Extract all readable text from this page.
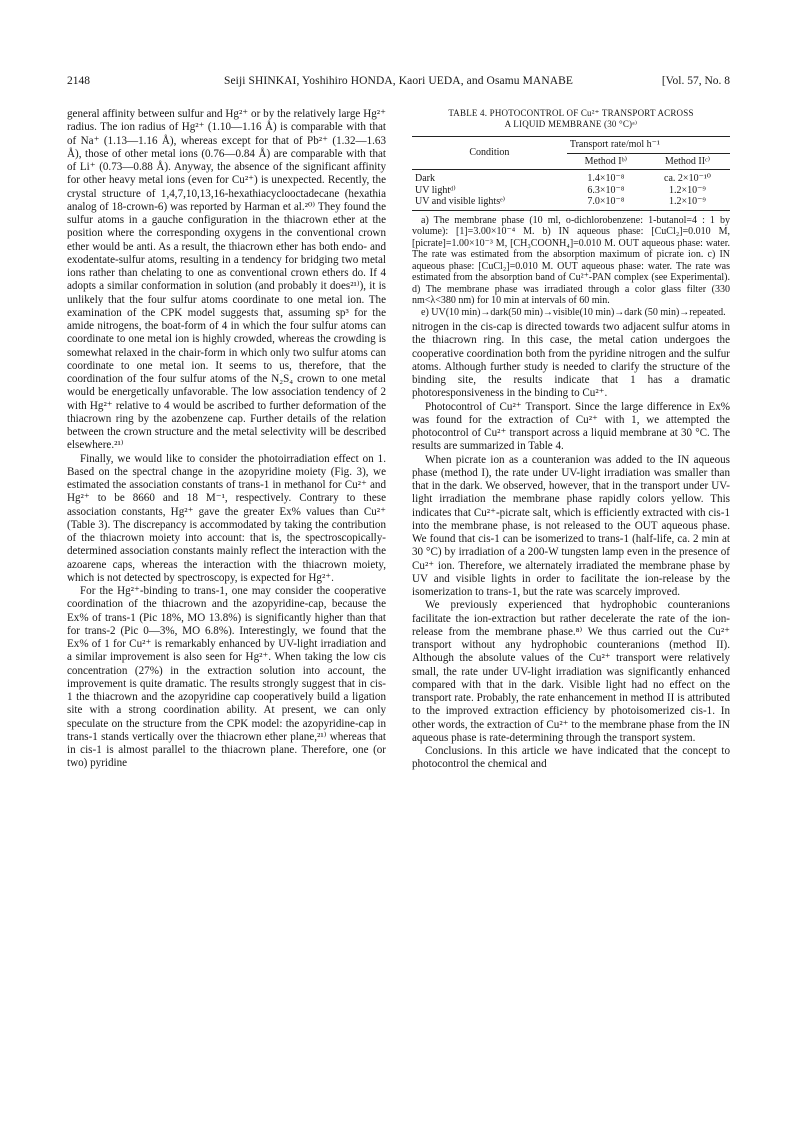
2148	Seiji SHINKAI, Yoshihiro HONDA, Kaori UEDA, and Osamu MANABE	[Vol. 57, No. 8

general affinity between sulfur and Hg²⁺ or by the relatively large Hg²⁺ radius. The ion radius of Hg²⁺ (1.10—1.16 Å) is comparable with that of Na⁺ (1.13—1.16 Å), whereas except for that of Pb²⁺ (1.32—1.63 Å), those of other metal ions (0.76—0.84 Å) are comparable with that of Li⁺ (0.73—0.88 Å). Anyway, the absence of the significant affinity for other heavy metal ions (even for Cu²⁺) is unexpected. Recently, the crystal structure of 1,4,7,10,13,16-hexathiacyclooctadecane (hexathia analog of 18-crown-6) was reported by Harman et al.²⁰⁾ They found the sulfur atoms in a gauche configuration in the thiacrown ether at the position where the corresponding oxygens in the conventional crown ether would be anti. As a result, the thiacrown ether has both endo- and exodentate-sulfur atoms, resulting in a tendency for bridging two metal ions rather than chelating to one as conventional crown ethers do. If 4 adopts a similar conformation in solution (and probably it does²¹⁾), it is unlikely that the four sulfur atoms coordinate to one metal ion. The examination of the CPK model suggests that, assuming sp³ for the amide nitrogens, the boat-form of 4 in which the four sulfur atoms can coordinate to one metal ion is highly crowded, whereas the crowding is somewhat relaxed in the chair-form in which only two sulfur atoms can coordinate to one metal ion. It seems to us, therefore, that the coordination of the four sulfur atoms of the N₂S₄ crown to one metal would be energetically unfavorable. The low association tendency of 2 with Hg²⁺ relative to 4 would be ascribed to further deformation of the thiacrown ring by the azobenzene cap. Further details of the relation between the crown structure and the metal selectivity will be described elsewhere.²¹⁾

Finally, we would like to consider the photoirradiation effect on 1. Based on the spectral change in the azopyridine moiety (Fig. 3), we estimated the association constants of trans-1 in methanol for Cu²⁺ and Hg²⁺ to be 8660 and 18 M⁻¹, respectively. Contrary to these association constants, Hg²⁺ gave the greater Ex% values than Cu²⁺ (Table 3). The discrepancy is accommodated by taking the contribution of the thiacrown moiety into account: that is, the spectroscopically-determined association constants mainly reflect the interaction with the azoarene caps, whereas the interaction with the thiacrown moiety, which is not detected by spectroscopy, is expected for Hg²⁺.

For the Hg²⁺-binding to trans-1, one may consider the cooperative coordination of the thiacrown and the azopyridine-cap, because the Ex% of trans-1 (Pic 18%, MO 13.8%) is significantly higher than that for trans-2 (Pic 0—3%, MO 6.8%). Interestingly, we found that the Ex% of 1 for Cu²⁺ is remarkably enhanced by UV-light irradiation and a similar improvement is also seen for Hg²⁺. When taking the low cis concentration (27%) in the extraction solution into account, the improvement is quite dramatic. The results strongly suggest that in cis-1 the thiacrown and the azopyridine cap cooperatively build a ligation site with a strong coordination ability. At present, we can only speculate on the structure from the CPK model: the azopyridine-cap in trans-1 stands vertically over the thiacrown ether plane,²¹⁾ whereas that in cis-1 is almost parallel to the thiacrown plane. Therefore, one (or two) pyridine

TABLE 4. PHOTOCONTROL OF Cu²⁺ TRANSPORT ACROSS
A LIQUID MEMBRANE (30 °C)ᵃ⁾
Condition	Transport rate/mol h⁻¹	
	Method Iᵇ⁾	Method IIᶜ⁾
Dark	1.4×10⁻⁸	ca. 2×10⁻¹⁰
UV lightᵈ⁾	6.3×10⁻⁸	1.2×10⁻⁹
UV and visible lightsᵉ⁾	7.0×10⁻⁸	1.2×10⁻⁹

a) The membrane phase (10 ml, o-dichlorobenzene: 1-butanol=4 : 1 by volume): [1]=3.00×10⁻⁴ M. b) IN aqueous phase: [CuCl₂]=0.010 M, [picrate]=1.00×10⁻³ M, [CH₃COONH₄]=0.010 M. OUT aqueous phase: water. The rate was estimated from the absorption maximum of picrate ion. c) IN aqueous phase: [CuCl₂]=0.010 M. OUT aqueous phase: water. The rate was estimated from the absorption band of Cu²⁺-PAN complex (see Experimental). d) The membrane phase was irradiated through a color glass filter (330 nm<λ<380 nm) for 10 min at intervals of 60 min.

e) UV(10 min)→dark(50 min)→visible(10 min)→dark (50 min)→repeated.

nitrogen in the cis-cap is directed towards two adjacent sulfur atoms in the thiacrown ring. In this case, the metal cation undergoes the cooperative coordination both from the pyridine nitrogen and the sulfur atoms. Although further study is needed to clarify the structure of the binding site, the results indicate that 1 has a dramatic photoresponsiveness in the binding to Cu²⁺.

Photocontrol of Cu²⁺ Transport. Since the large difference in Ex% was found for the extraction of Cu²⁺ with 1, we attempted the photocontrol of Cu²⁺ transport across a liquid membrane at 30 °C. The results are summarized in Table 4.

When picrate ion as a counteranion was added to the IN aqueous phase (method I), the rate under UV-light irradiation was smaller than that in the dark. We observed, however, that in the transport under UV-light irradiation the membrane phase rapidly colors yellow. This indicates that Cu²⁺-picrate salt, which is efficiently extracted with cis-1 into the membrane phase, is not released to the OUT aqueous phase. We found that cis-1 can be isomerized to trans-1 (half-life, ca. 2 min at 30 °C) by irradiation of a 200-W tungsten lamp even in the presence of Cu²⁺ ion. Therefore, we alternately irradiated the membrane phase by UV and visible lights in order to facilitate the ion-release by the isomerization to trans-1, but the rate was scarcely improved.

We previously experienced that hydrophobic counteranions facilitate the ion-extraction but rather decelerate the rate of the ion-release from the membrane phase.⁸⁾ We thus carried out the Cu²⁺ transport without any hydrophobic counteranions (method II). Although the absolute values of the Cu²⁺ transport were relatively small, the rate under UV-light irradiation was significantly enhanced compared with that in the dark. Visible light had no effect on the transport rate. Probably, the rate enhancement in method II is attributed to the improved extraction efficiency by photoisomerized cis-1. In other words, the extraction of Cu²⁺ to the membrane phase from the IN aqueous phase is rate-determining through the transport system.

Conclusions. In this article we have indicated that the concept to photocontrol the chemical and
